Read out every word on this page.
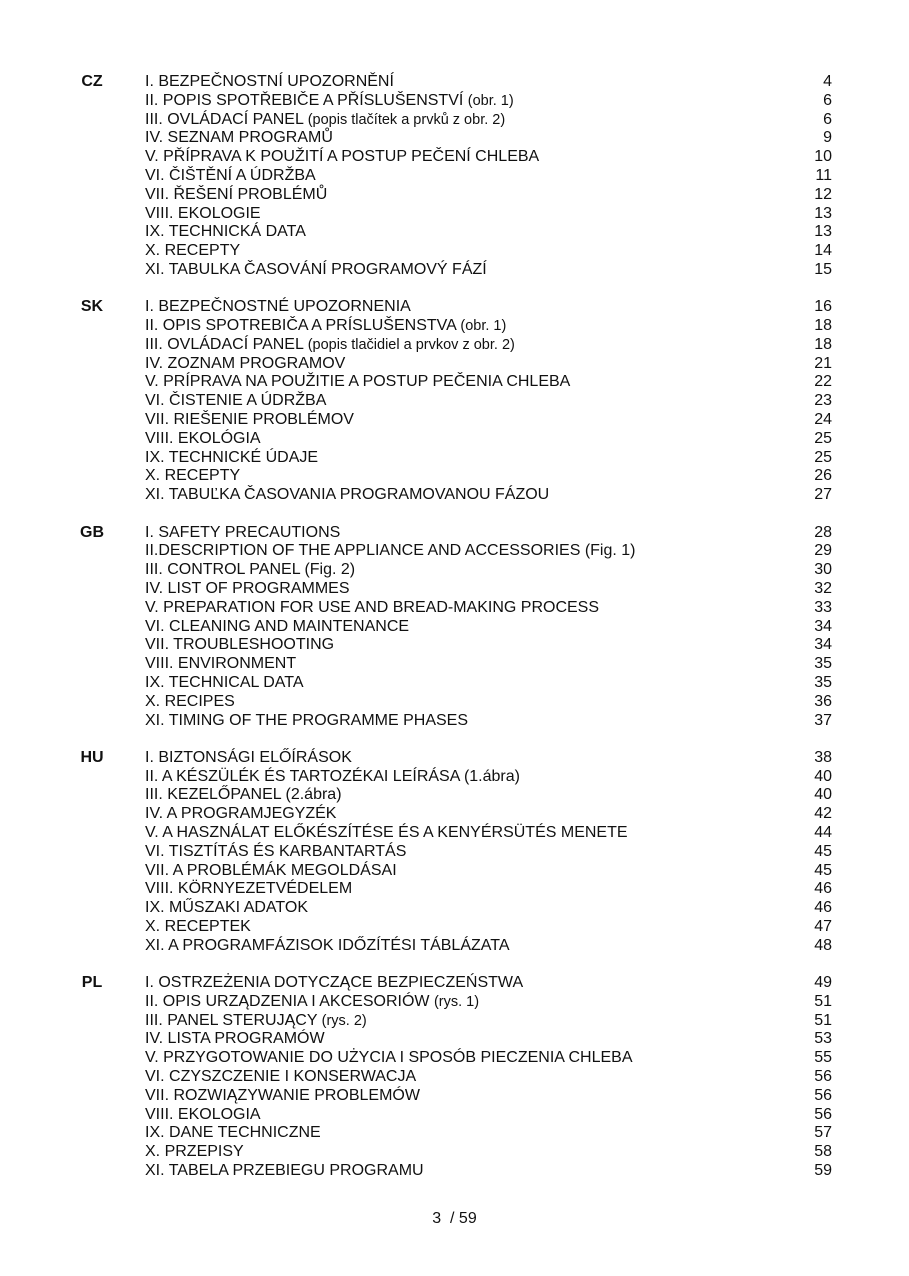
CZ	I. BEZPEČNOSTNÍ UPOZORNĚNÍ	4
II. POPIS SPOTŘEBIČE A PŘÍSLUŠENSTVÍ (obr. 1)	6
III. OVLÁDACÍ PANEL (popis tlačítek a prvků z obr. 2)	6
IV. SEZNAM PROGRAMŮ	9
V. PŘÍPRAVA K POUŽITÍ A POSTUP PEČENÍ CHLEBA	10
VI. ČIŠTĚNÍ A ÚDRŽBA	11
VII. ŘEŠENÍ PROBLÉMŮ	12
VIII. EKOLOGIE	13
IX. TECHNICKÁ DATA	13
X. RECEPTY	14
XI. TABULKA ČASOVÁNÍ PROGRAMOVÝ FÁZÍ	15
SK	I. BEZPEČNOSTNÉ UPOZORNENIA	16
II. OPIS SPOTREBIČA A PRÍSLUŠENSTVA (obr. 1)	18
III. OVLÁDACÍ PANEL (popis tlačidiel a prvkov z obr. 2)	18
IV. ZOZNAM PROGRAMOV	21
V. PRÍPRAVA NA POUŽITIE A POSTUP PEČENIA CHLEBA	22
VI. ČISTENIE A ÚDRŽBA	23
VII. RIEŠENIE PROBLÉMOV	24
VIII. EKOLÓGIA	25
IX. TECHNICKÉ ÚDAJE	25
X. RECEPTY	26
XI. TABUĽKA ČASOVANIA PROGRAMOVANOU FÁZOU	27
GB	I. SAFETY PRECAUTIONS	28
II.DESCRIPTION OF THE APPLIANCE AND ACCESSORIES (Fig. 1)	29
III. CONTROL PANEL (Fig. 2)	30
IV. LIST OF PROGRAMMES	32
V. PREPARATION FOR USE AND BREAD-MAKING PROCESS	33
VI. CLEANING AND MAINTENANCE	34
VII. TROUBLESHOOTING	34
VIII. ENVIRONMENT	35
IX. TECHNICAL DATA	35
X. RECIPES	36
XI. TIMING OF THE PROGRAMME PHASES	37
HU	I. BIZTONSÁGI ELŐÍRÁSOK	38
II. A KÉSZÜLÉK ÉS TARTOZÉKAI LEÍRÁSA (1.ábra)	40
III. KEZELŐPANEL (2.ábra)	40
IV. A PROGRAMJEGYZÉK	42
V. A HASZNÁLAT ELŐKÉSZÍTÉSE ÉS A KENYÉRSÜTÉS MENETE	44
VI. TISZTÍTÁS ÉS KARBANTARTÁS	45
VII. A PROBLÉMÁK MEGOLDÁSAI	45
VIII. KÖRNYEZETVÉDELEM	46
IX. MŰSZAKI ADATOK	46
X. RECEPTEK	47
XI. A PROGRAMFÁZISOK IDŐZÍTÉSI TÁBLÁZATA	48
PL	I. OSTRZEŻENIA DOTYCZĄCE BEZPIECZEŃSTWA	49
II. OPIS URZĄDZENIA I AKCESORIÓW (rys. 1)	51
III. PANEL STERUJĄCY (rys. 2)	51
IV. LISTA PROGRAMÓW	53
V. PRZYGOTOWANIE DO UŻYCIA I SPOSÓB PIECZENIA CHLEBA	55
VI. CZYSZCZENIE I KONSERWACJA	56
VII. ROZWIĄZYWANIE PROBLEMÓW	56
VIII. EKOLOGIA	56
IX. DANE TECHNICZNE	57
X. PRZEPISY	58
XI. TABELA PRZEBIEGU PROGRAMU	59
3  / 59
